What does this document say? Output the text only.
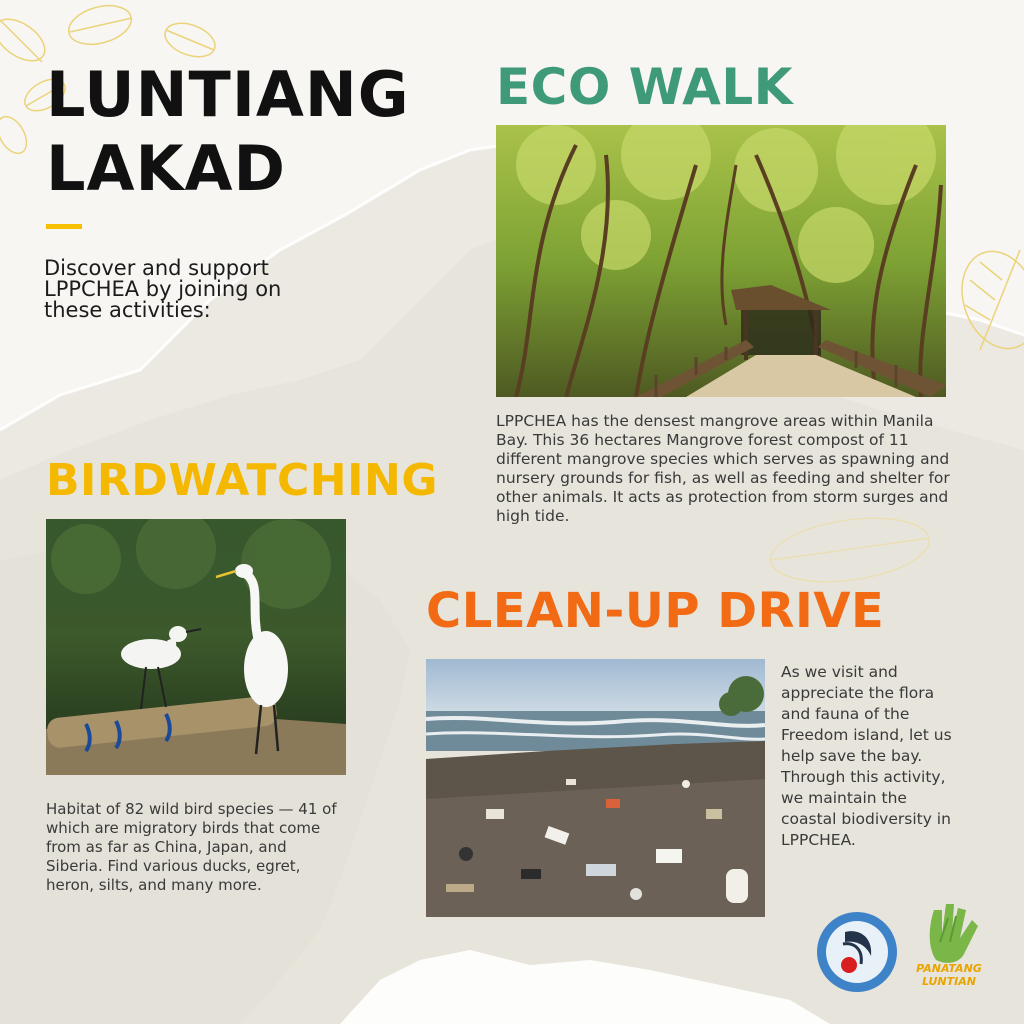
LUNTIANG
LAKAD

Discover and support LPPCHEA by joining on these activities:

ECO WALK

LPPCHEA has the densest mangrove areas within Manila Bay. This 36 hectares Mangrove forest compost of 11 different mangrove species which serves as spawning and nursery grounds for fish, as well as feeding and shelter for other animals. It acts as protection from storm surges and high tide.

BIRDWATCHING

Habitat of 82 wild bird species — 41 of which are migratory birds that come from as far as China, Japan, and Siberia. Find various ducks, egret, heron, silts, and many more.

CLEAN-UP DRIVE

As we visit and appreciate the flora and fauna of the Freedom island, let us help save the bay. Through this activity, we maintain the coastal biodiversity in LPPCHEA.

PANATANG
LUNTIAN
